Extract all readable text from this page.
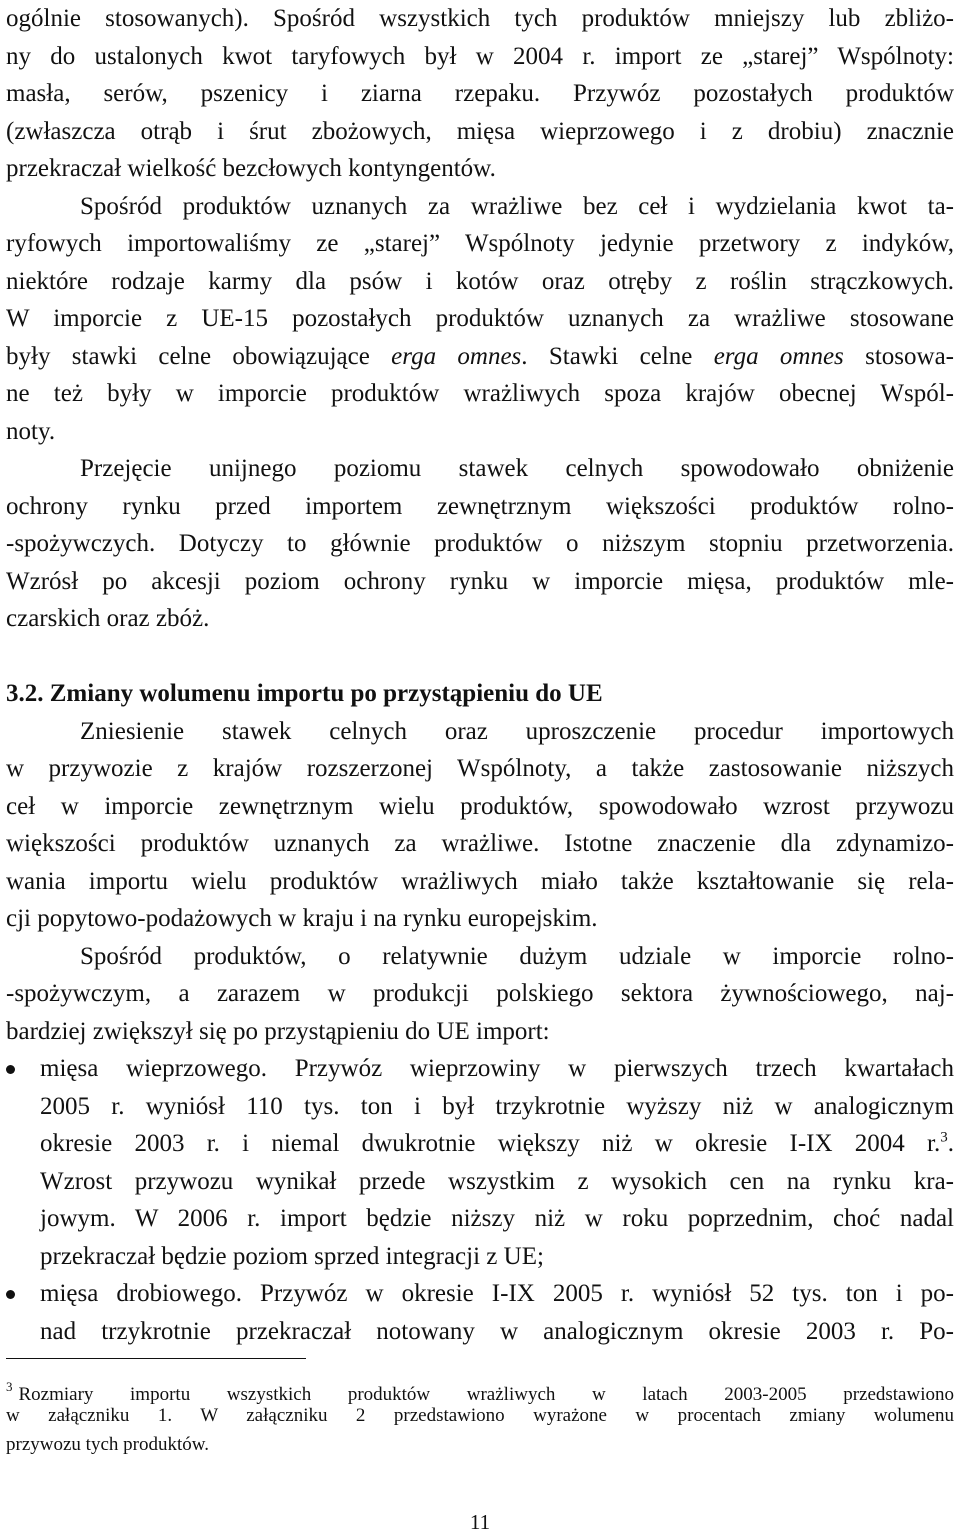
ogólnie stosowanych). Spośród wszystkich tych produktów mniejszy lub zbliżo-
ny do ustalonych kwot taryfowych był w 2004 r. import ze „starej” Wspólnoty:
masła, serów, pszenicy i ziarna rzepaku. Przywóz pozostałych produktów
(zwłaszcza otrąb i śrut zbożowych, mięsa wieprzowego i z drobiu) znacznie
przekraczał wielkość bezcłowych kontyngentów.
Spośród produktów uznanych za wrażliwe bez ceł i wydzielania kwot ta-
ryfowych importowaliśmy ze „starej” Wspólnoty jedynie przetwory z indyków,
niektóre rodzaje karmy dla psów i kotów oraz otręby z roślin strączkowych.
W imporcie z UE-15 pozostałych produktów uznanych za wrażliwe stosowane
były stawki celne obowiązujące erga omnes. Stawki celne erga omnes stosowa-
ne też były w imporcie produktów wrażliwych spoza krajów obecnej Wspól-
noty.
Przejęcie unijnego poziomu stawek celnych spowodowało obniżenie
ochrony rynku przed importem zewnętrznym większości produktów rolno-
-spożywczych. Dotyczy to głównie produktów o niższym stopniu przetworzenia.
Wzrósł po akcesji poziom ochrony rynku w imporcie mięsa, produktów mle-
czarskich oraz zbóż.
3.2. Zmiany wolumenu importu po przystąpieniu do UE
Zniesienie stawek celnych oraz uproszczenie procedur importowych
w przywozie z krajów rozszerzonej Wspólnoty, a także zastosowanie niższych
ceł w imporcie zewnętrznym wielu produktów, spowodowało wzrost przywozu
większości produktów uznanych za wrażliwe. Istotne znaczenie dla zdynamizo-
wania importu wielu produktów wrażliwych miało także kształtowanie się rela-
cji popytowo-podażowych w kraju i na rynku europejskim.
Spośród produktów, o relatywnie dużym udziale w imporcie rolno-
-spożywczym, a zarazem w produkcji polskiego sektora żywnościowego, naj-
bardziej zwiększył się po przystąpieniu do UE import:
mięsa wieprzowego. Przywóz wieprzowiny w pierwszych trzech kwartałach
2005 r. wyniósł 110 tys. ton i był trzykrotnie wyższy niż w analogicznym
okresie 2003 r. i niemal dwukrotnie większy niż w okresie I-IX 2004 r.$^3$.
Wzrost przywozu wynikał przede wszystkim z wysokich cen na rynku kra-
jowym. W 2006 r. import będzie niższy niż w roku poprzednim, choć nadal
przekraczał będzie poziom sprzed integracji z UE;
mięsa drobiowego. Przywóz w okresie I-IX 2005 r. wyniósł 52 tys. ton i po-
nad trzykrotnie przekraczał notowany w analogicznym okresie 2003 r. Po-
$^3$ Rozmiary importu wszystkich produktów wrażliwych w latach 2003-2005 przedstawiono
w załączniku 1. W załączniku 2 przedstawiono wyrażone w procentach zmiany wolumenu
przywozu tych produktów.
11
